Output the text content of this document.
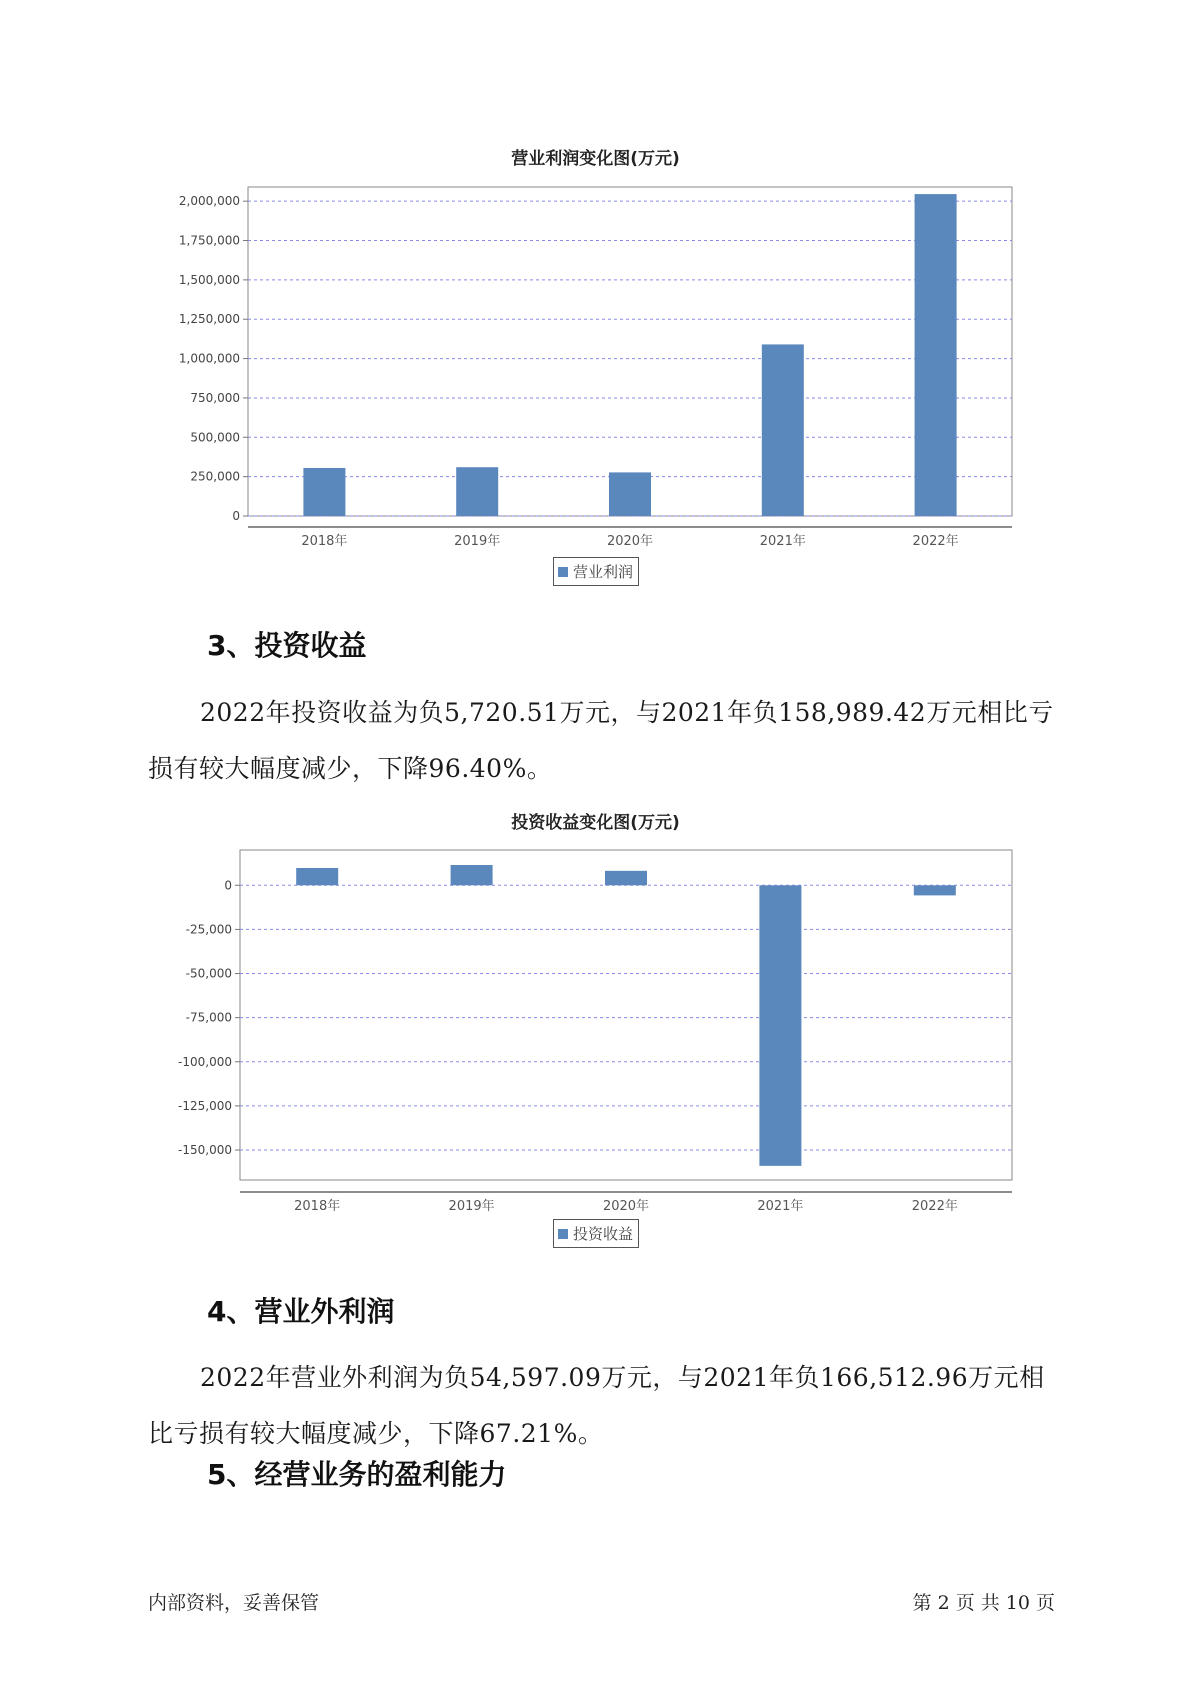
营业利润变化图(万元)
0
250,000
500,000
750,000
1,000,000
1,250,000
1,500,000
1,750,000
2,000,000
2018年	2019年	2020年	2021年	2022年
营业利润
3、投资收益
2022年投资收益为负5,720.51万元，与2021年负158,989.42万元相比亏损有较大幅度减少，下降96.40%。
投资收益变化图(万元)
0
-25,000
-50,000
-75,000
-100,000
-125,000
-150,000
2018年	2019年	2020年	2021年	2022年
投资收益
4、营业外利润
2022年营业外利润为负54,597.09万元，与2021年负166,512.96万元相比亏损有较大幅度减少，下降67.21%。
5、经营业务的盈利能力
内部资料，妥善保管	第 2 页 共 10 页
